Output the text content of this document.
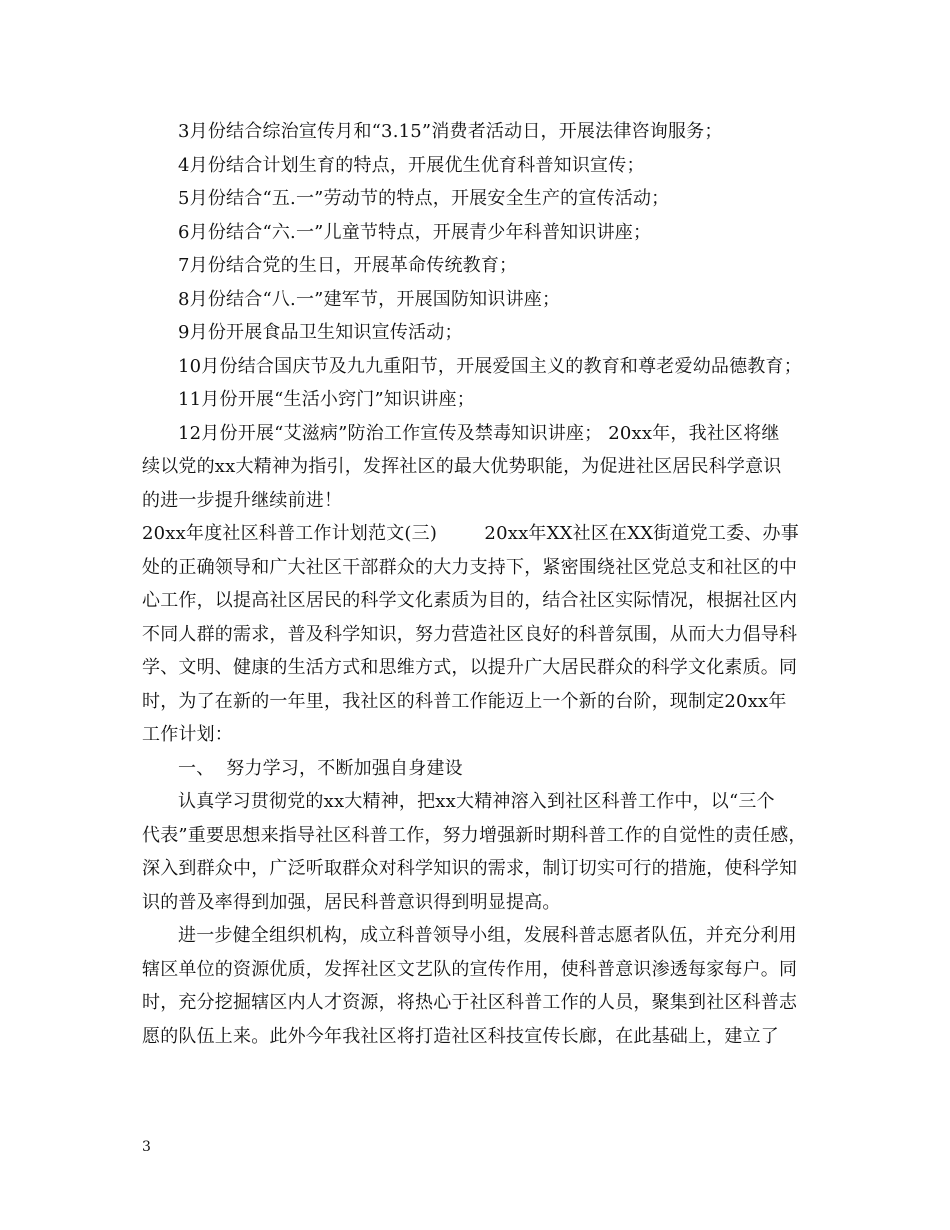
3月份结合综治宣传月和“3.15”消费者活动日，开展法律咨询服务；
4月份结合计划生育的特点，开展优生优育科普知识宣传；
5月份结合“五.一”劳动节的特点，开展安全生产的宣传活动；
6月份结合“六.一”儿童节特点，开展青少年科普知识讲座；
7月份结合党的生日，开展革命传统教育；
8月份结合“八.一”建军节，开展国防知识讲座；
9月份开展食品卫生知识宣传活动；
10月份结合国庆节及九九重阳节，开展爱国主义的教育和尊老爱幼品德教育；
11月份开展“生活小窍门”知识讲座；
12月份开展“艾滋病”防治工作宣传及禁毒知识讲座； 20xx年，我社区将继
续以党的xx大精神为指引，发挥社区的最大优势职能，为促进社区居民科学意识
的进一步提升继续前进！
20xx年度社区科普工作计划范文(三)        20xx年XX社区在XX街道党工委、办事
处的正确领导和广大社区干部群众的大力支持下，紧密围绕社区党总支和社区的中
心工作，以提高社区居民的科学文化素质为目的，结合社区实际情况，根据社区内
不同人群的需求，普及科学知识，努力营造社区良好的科普氛围，从而大力倡导科
学、文明、健康的生活方式和思维方式，以提升广大居民群众的科学文化素质。同
时，为了在新的一年里，我社区的科普工作能迈上一个新的台阶，现制定20xx年
工作计划：
一、  努力学习，不断加强自身建设
认真学习贯彻党的xx大精神，把xx大精神溶入到社区科普工作中，以“三个
代表”重要思想来指导社区科普工作，努力增强新时期科普工作的自觉性的责任感，
深入到群众中，广泛听取群众对科学知识的需求，制订切实可行的措施，使科学知
识的普及率得到加强，居民科普意识得到明显提高。
进一步健全组织机构，成立科普领导小组，发展科普志愿者队伍，并充分利用
辖区单位的资源优质，发挥社区文艺队的宣传作用，使科普意识渗透每家每户。同
时，充分挖掘辖区内人才资源，将热心于社区科普工作的人员，聚集到社区科普志
愿的队伍上来。此外今年我社区将打造社区科技宣传长廊，在此基础上，建立了
3
